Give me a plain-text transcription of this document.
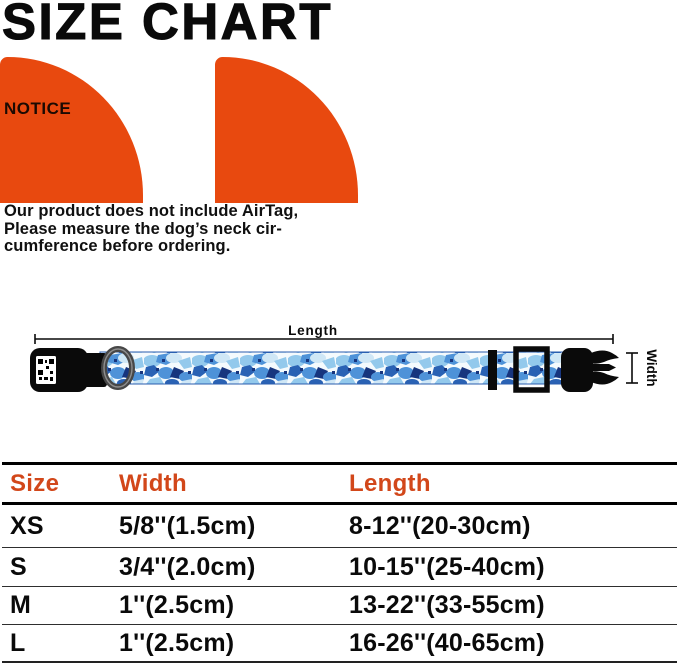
SIZE CHART
NOTICE

Our product does not include AirTag,
Please measure the dog’s neck cir-
cumference before ordering.

Length
Width
Size	Width	Length
XS	5/8''(1.5cm)	8-12''(20-30cm)
S	3/4''(2.0cm)	10-15''(25-40cm)
M	1''(2.5cm)	13-22''(33-55cm)
L	1''(2.5cm)	16-26''(40-65cm)
